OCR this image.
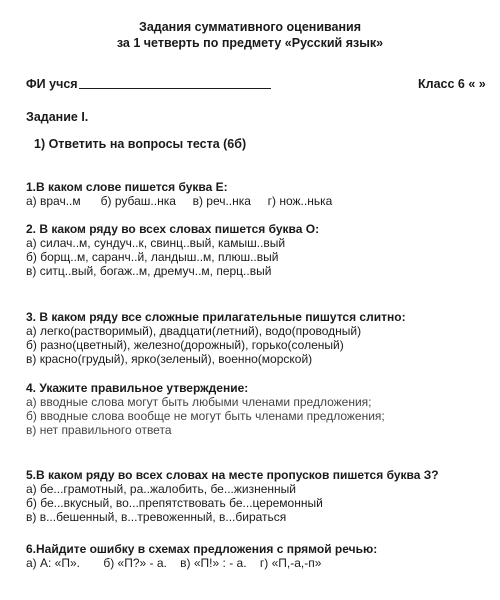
Задания суммативного оценивания
за 1 четверть по предмету «Русский язык»
ФИ учся	Класс 6 « »
Задание I.
1) Ответить на вопросы теста (6б)
1.В каком слове пишется буква Е:
а) врач..м      б) рубаш..нка     в) реч..нка     г) нож..нька
2. В каком ряду во всех словах пишется буква О:
а) силач..м, сундуч..к, свинц..вый, камыш..вый
б) борщ..м, саранч..й, ландыш..м, плюш..вый
в) ситц..вый, богаж..м, дремуч..м, перц..вый
3. В каком ряду все сложные прилагательные пишутся слитно:
а) легко(растворимый), двадцати(летний), водо(проводный)
б) разно(цветный), железно(дорожный), горько(соленый)
в) красно(грудый), ярко(зеленый), военно(морской)
4. Укажите правильное утверждение:
а) вводные слова могут быть любыми членами предложения;
б) вводные слова вообще не могут быть членами предложения;
в) нет правильного ответа
5.В каком ряду во всех словах на месте пропусков пишется буква З?
а) бе...грамотный, ра..жалобить, бе...жизненный
б) бе...вкусный, во...препятствовать бе...церемонный
в) в...бешенный, в...тревоженный, в...бираться
6.Найдите ошибку в схемах предложения с прямой речью:
а) А: «П».       б) «П?» - а.    в) «П!» : - а.    г) «П,-а,-п»
